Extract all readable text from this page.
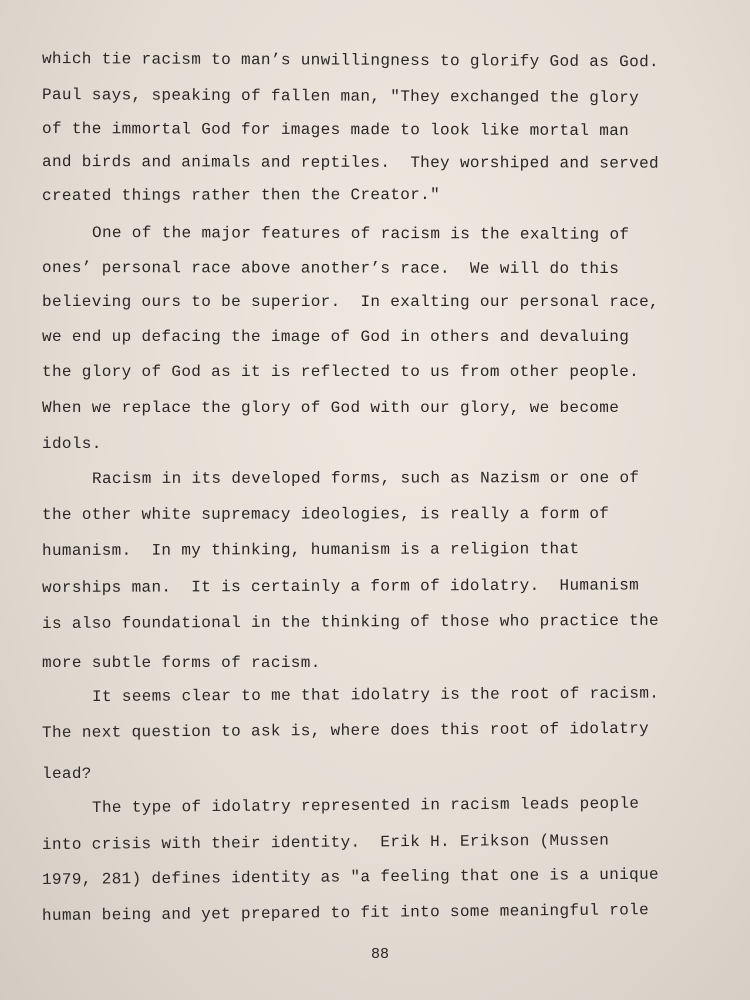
which tie racism to man’s unwillingness to glorify God as God.
Paul says, speaking of fallen man, "They exchanged the glory
of the immortal God for images made to look like mortal man
and birds and animals and reptiles.  They worshiped and served
created things rather then the Creator."
One of the major features of racism is the exalting of
ones’ personal race above another’s race.  We will do this
believing ours to be superior.  In exalting our personal race,
we end up defacing the image of God in others and devaluing
the glory of God as it is reflected to us from other people.
When we replace the glory of God with our glory, we become
idols.
Racism in its developed forms, such as Nazism or one of
the other white supremacy ideologies, is really a form of
humanism.  In my thinking, humanism is a religion that
worships man.  It is certainly a form of idolatry.  Humanism
is also foundational in the thinking of those who practice the
more subtle forms of racism.
It seems clear to me that idolatry is the root of racism.
The next question to ask is, where does this root of idolatry
lead?
The type of idolatry represented in racism leads people
into crisis with their identity.  Erik H. Erikson (Mussen
1979, 281) defines identity as "a feeling that one is a unique
human being and yet prepared to fit into some meaningful role
88
